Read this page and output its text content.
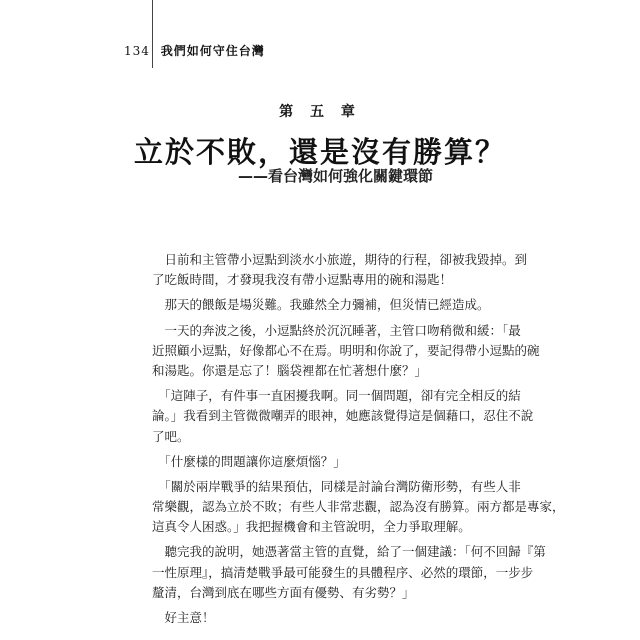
134 我們如何守住台灣
第 五 章
立於不敗，還是沒有勝算？
——看台灣如何強化關鍵環節
　日前和主管帶小逗點到淡水小旅遊，期待的行程，卻被我毀掉。到
了吃飯時間，才發現我沒有帶小逗點專用的碗和湯匙！
　那天的餵飯是場災難。我雖然全力彌補，但災情已經造成。
　一天的奔波之後，小逗點終於沉沉睡著，主管口吻稍微和緩：「最
近照顧小逗點，好像都心不在焉。明明和你說了，要記得帶小逗點的碗
和湯匙。你還是忘了！腦袋裡都在忙著想什麼？」
　「這陣子，有件事一直困擾我啊。同一個問題，卻有完全相反的結
論。」我看到主管微微嘲弄的眼神，她應該覺得這是個藉口，忍住不說
了吧。
　「什麼樣的問題讓你這麼煩惱？」
　「關於兩岸戰爭的結果預估，同樣是討論台灣防衛形勢，有些人非
常樂觀，認為立於不敗；有些人非常悲觀，認為沒有勝算。兩方都是專家，
這真令人困惑。」我把握機會和主管說明，全力爭取理解。
　聽完我的說明，她憑著當主管的直覺，給了一個建議：「何不回歸『第
一性原理』，搞清楚戰爭最可能發生的具體程序、必然的環節，一步步
釐清，台灣到底在哪些方面有優勢、有劣勢？」
　好主意！
